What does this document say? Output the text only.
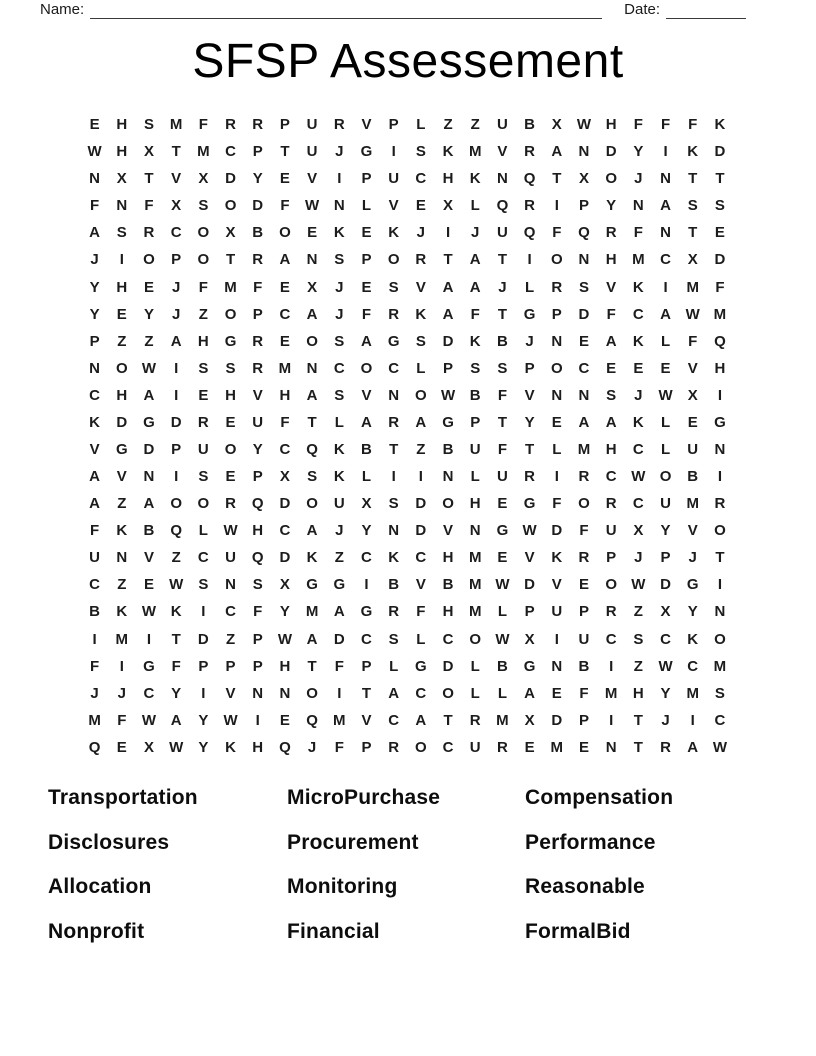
Name:	Date:
SFSP Assessement
E	H	S	M	F	R	R	P	U	R	V	P	L	Z	Z	U	B	X	W H	F	F	F	K
W H	X	T	M	C	P	T	U	J	G	I	S	K	M	V	R	A	N	D	Y	I	K	D
N	X	T	V	X	D	Y	E	V	I	P	U	C	H	K	N	Q	T	X	O	J	N	T	T
F	N	F	X	S	O	D	F	W N	L	V	E	X	L	Q	R	I	P	Y	N	A	S	S
A	S	R	C	O	X	B	O	E	K	E	K	J	I	J	U	Q	F	Q	R	F	N	T	E
J	I	O	P	O	T	R	A	N	S	P	O	R	T	A	T	I	O	N	H	M	C	X	D
Y	H	E	J	F	M	F	E	X	J	E	S	V	A	A	J	L	R	S	V	K	I	M	F
Y	E	Y	J	Z	O	P	C	A	J	F	R	K	A	F	T	G	P	D	F	C	A W M
P	Z	Z	A	H	G	R	E	O	S	A	G	S	D	K	B	J	N	E	A	K	L	F	Q
N	O W	I	S	S	R	M	N	C	O	C	L	P	S	S	P	O	C	E	E	E	V	H
C	H	A	I	E	H	V	H	A	S	V	N	O W B	F	V	N	N	S	J	W	X	I
K	D	G	D	R	E	U	F	T	L	A	R	A	G	P	T	Y	E	A	A	K	L	E	G
V	G	D	P	U	O	Y	C	Q	K	B	T	Z	B	U	F	T	L	M	H	C	L	U	N
A	V	N	I	S	E	P	X	S	K	L	I	I	N	L	U	R	I	R	C W O	B	I
A	Z	A	O	O	R	Q	D	O	U	X	S	D	O	H	E	G	F	O	R	C	U	M	R
F	K	B	Q	L	W H	C	A	J	Y	N	D	V	N	G W D	F	U	X	Y	V	O
U	N	V	Z	C	U	Q	D	K	Z	C	K	C	H	M	E	V	K	R	P	J	P	J	T
C	Z	E	W	S	N	S	X	G	G	I	B	V	B	M W D	V	E	O W D	G	I
B	K W K	I	C	F	Y	M	A	G	R	F	H	M	L	P	U	P	R	Z	X	Y	N
I	M	I	T	D	Z	P	W A	D	C	S	L	C	O W	X	I	U	C	S	C	K	O
F	I	G	F	P	P	P	H	T	F	P	L	G	D	L	B	G	N	B	I	Z	W C	M
J	J	C	Y	I	V	N	N	O	I	T	A	C	O	L	L	A	E	F	M	H	Y	M	S
M	F	W A	Y	W	I	E	Q	M	V	C	A	T	R	M	X	D	P	I	T	J	I	C
Q	E	X	W	Y	K	H	Q	J	F	P	R	O	C	U	R	E	M	E	N	T	R	A W
Transportation
Disclosures
Allocation
Nonprofit
MicroPurchase
Procurement
Monitoring
Financial
Compensation
Performance
Reasonable
FormalBid
